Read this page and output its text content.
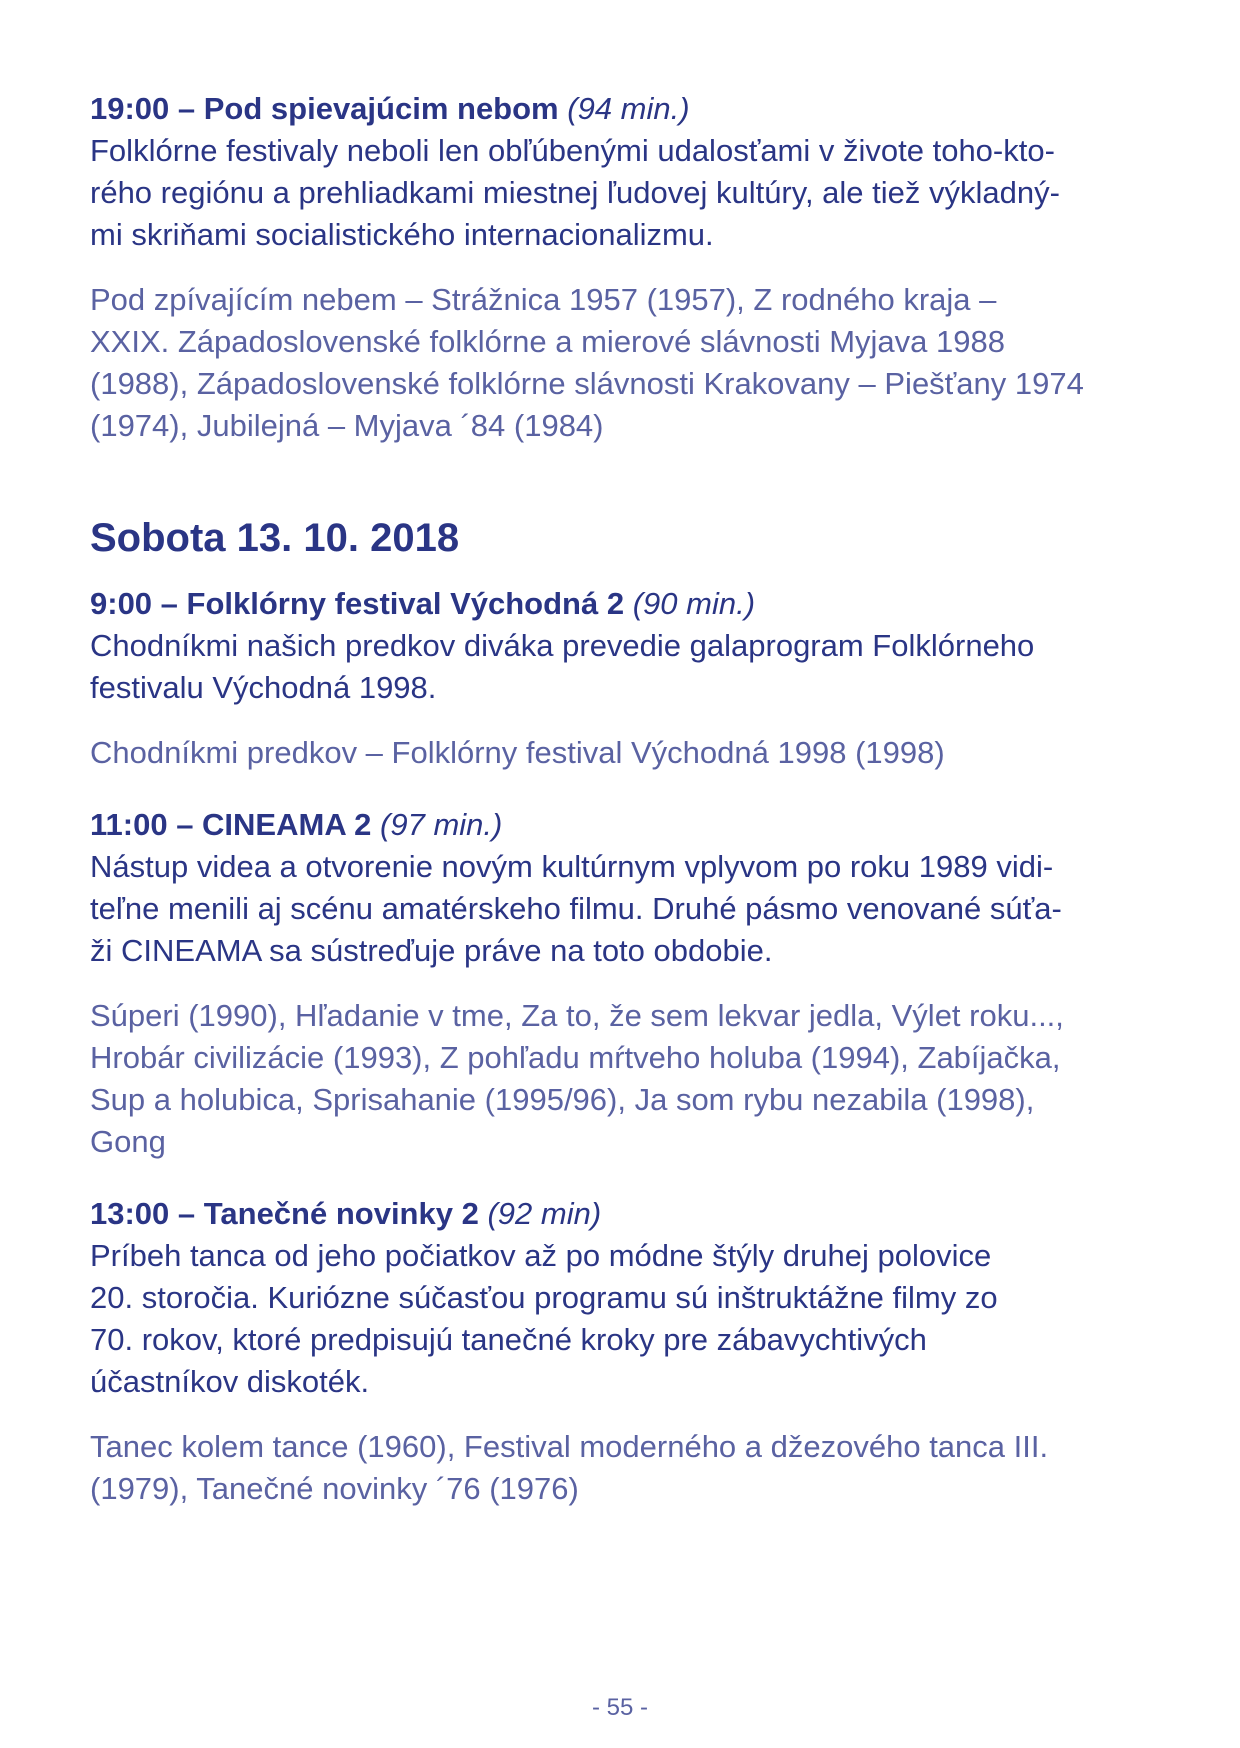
19:00 – Pod spievajúcim nebom (94 min.)

Folklórne festivaly neboli len obľúbenými udalosťami v živote toho-kto-
rého regiónu a prehliadkami miestnej ľudovej kultúry, ale tiež výkladný-
mi skriňami socialistického internacionalizmu.

Pod zpívajícím nebem – Strážnica 1957 (1957), Z rodného kraja –
XXIX. Západoslovenské folklórne a mierové slávnosti Myjava 1988
(1988), Západoslovenské folklórne slávnosti Krakovany – Piešťany 1974
(1974), Jubilejná – Myjava ´84 (1984)

Sobota 13. 10. 2018

9:00 – Folklórny festival Východná 2 (90 min.)

Chodníkmi našich predkov diváka prevedie galaprogram Folklórneho
festivalu Východná 1998.

Chodníkmi predkov – Folklórny festival Východná 1998 (1998)

11:00 – CINEAMA 2 (97 min.)

Nástup videa a otvorenie novým kultúrnym vplyvom po roku 1989 vidi-
teľne menili aj scénu amatérskeho filmu. Druhé pásmo venované súťa-
ži CINEAMA sa sústreďuje práve na toto obdobie.

Súperi (1990), Hľadanie v tme, Za to, že sem lekvar jedla, Výlet roku...,
Hrobár civilizácie (1993), Z pohľadu mŕtveho holuba (1994), Zabíjačka,
Sup a holubica, Sprisahanie (1995/96), Ja som rybu nezabila (1998),
Gong

13:00 – Tanečné novinky 2 (92 min)

Príbeh tanca od jeho počiatkov až po módne štýly druhej polovice
20. storočia. Kuriózne súčasťou programu sú inštruktážne filmy zo
70. rokov, ktoré predpisujú tanečné kroky pre zábavychtivých
účastníkov diskoték.

Tanec kolem tance (1960), Festival moderného a džezového tanca III.
(1979), Tanečné novinky ´76 (1976)

- 55 -
